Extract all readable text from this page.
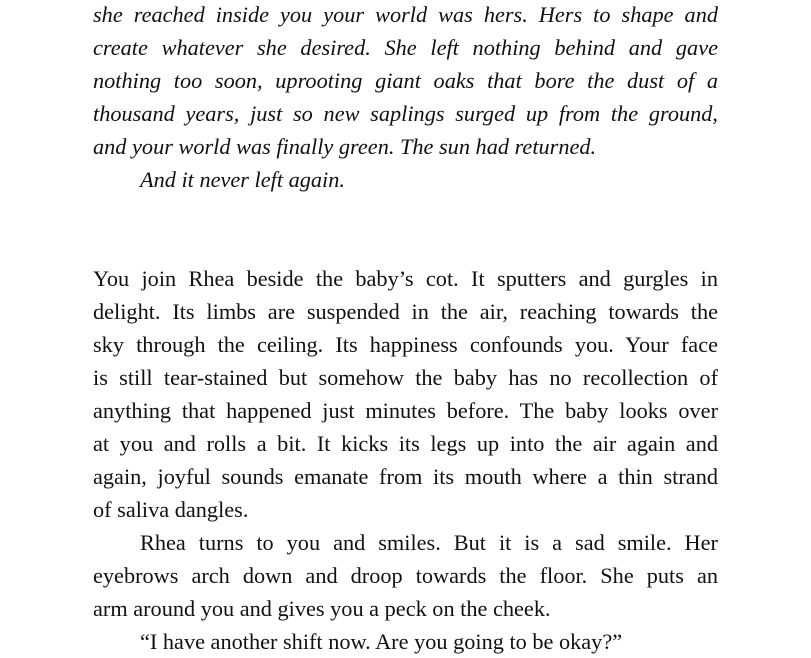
she reached inside you your world was hers. Hers to shape and
create whatever she desired. She left nothing behind and gave
nothing too soon, uprooting giant oaks that bore the dust of a
thousand years, just so new saplings surged up from the ground,
and your world was finally green. The sun had returned.
And it never left again.
You join Rhea beside the baby’s cot. It sputters and gurgles in
delight. Its limbs are suspended in the air, reaching towards the
sky through the ceiling. Its happiness confounds you. Your face
is still tear-stained but somehow the baby has no recollection of
anything that happened just minutes before. The baby looks over
at you and rolls a bit. It kicks its legs up into the air again and
again, joyful sounds emanate from its mouth where a thin strand
of saliva dangles.
Rhea turns to you and smiles. But it is a sad smile. Her
eyebrows arch down and droop towards the floor. She puts an
arm around you and gives you a peck on the cheek.
“I have another shift now. Are you going to be okay?”
